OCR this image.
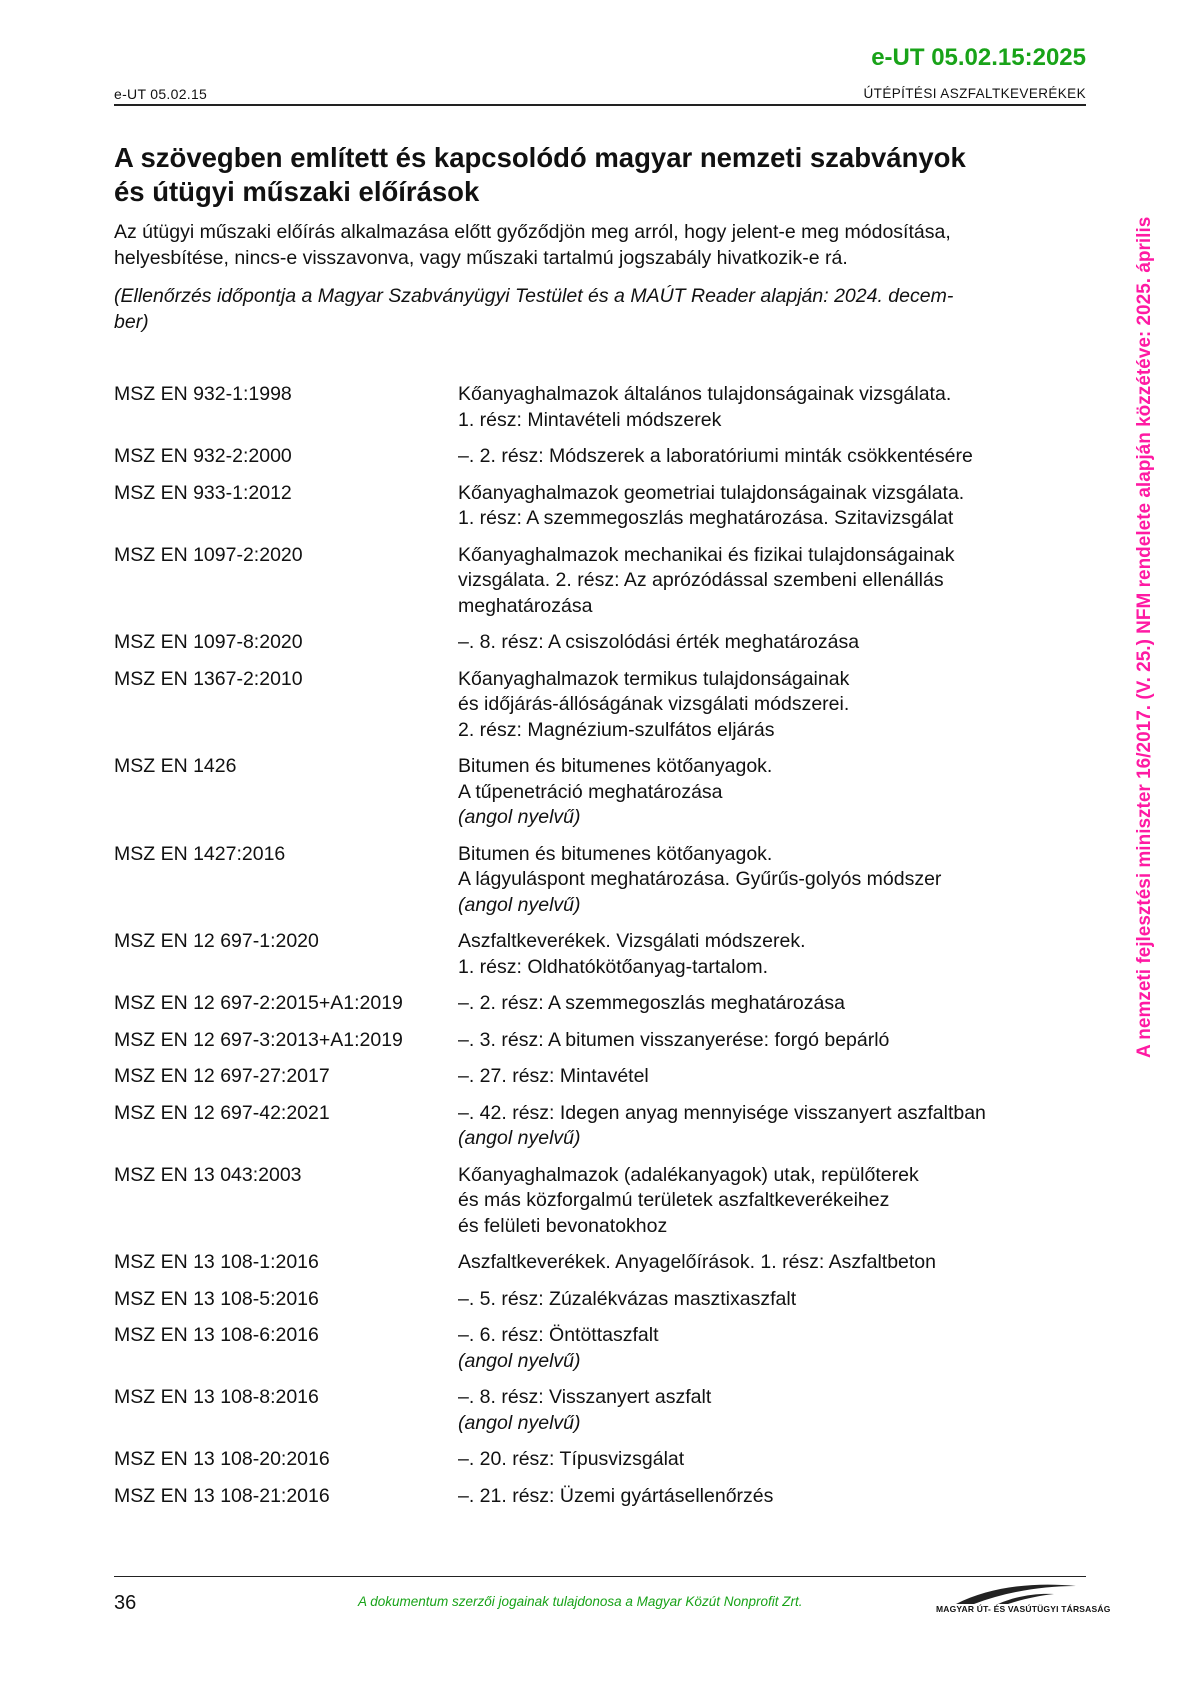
e-UT 05.02.15:2025
e-UT 05.02.15	ÚTÉPÍTÉSI ASZFALTKEVERÉKEK
A nemzeti fejlesztési miniszter 16/2017. (V. 25.) NFM rendelete alapján közzétéve: 2025. április
A szövegben említett és kapcsolódó magyar nemzeti szabványok
és útügyi műszaki előírások

Az útügyi műszaki előírás alkalmazása előtt győződjön meg arról, hogy jelent-e meg módosítása,
helyesbítése, nincs-e visszavonva, vagy műszaki tartalmú jogszabály hivatkozik-e rá.

(Ellenőrzés időpontja a Magyar Szabványügyi Testület és a MAÚT Reader alapján: 2024. decem-
ber)

MSZ EN 932-1:1998	Kőanyaghalmazok általános tulajdonságainak vizsgálata.
1. rész: Mintavételi módszerek
MSZ EN 932-2:2000	–. 2. rész: Módszerek a laboratóriumi minták csökkentésére
MSZ EN 933-1:2012	Kőanyaghalmazok geometriai tulajdonságainak vizsgálata.
1. rész: A szemmegoszlás meghatározása. Szitavizsgálat
MSZ EN 1097-2:2020	Kőanyaghalmazok mechanikai és fizikai tulajdonságainak
vizsgálata. 2. rész: Az aprózódással szembeni ellenállás
meghatározása
MSZ EN 1097-8:2020	–. 8. rész: A csiszolódási érték meghatározása
MSZ EN 1367-2:2010	Kőanyaghalmazok termikus tulajdonságainak
és időjárás-állóságának vizsgálati módszerei.
2. rész: Magnézium-szulfátos eljárás
MSZ EN 1426	Bitumen és bitumenes kötőanyagok.
A tűpenetráció meghatározása
(angol nyelvű)
MSZ EN 1427:2016	Bitumen és bitumenes kötőanyagok.
A lágyuláspont meghatározása. Gyűrűs-golyós módszer
(angol nyelvű)
MSZ EN 12 697-1:2020	Aszfaltkeverékek. Vizsgálati módszerek.
1. rész: Oldhatókötőanyag-tartalom.
MSZ EN 12 697-2:2015+A1:2019	–. 2. rész: A szemmegoszlás meghatározása
MSZ EN 12 697-3:2013+A1:2019	–. 3. rész: A bitumen visszanyerése: forgó bepárló
MSZ EN 12 697-27:2017	–. 27. rész: Mintavétel
MSZ EN 12 697-42:2021	–. 42. rész: Idegen anyag mennyisége visszanyert aszfaltban
(angol nyelvű)
MSZ EN 13 043:2003	Kőanyaghalmazok (adalékanyagok) utak, repülőterek
és más közforgalmú területek aszfaltkeverékeihez
és felületi bevonatokhoz
MSZ EN 13 108-1:2016	Aszfaltkeverékek. Anyagelőírások. 1. rész: Aszfaltbeton
MSZ EN 13 108-5:2016	–. 5. rész: Zúzalékvázas masztixaszfalt
MSZ EN 13 108-6:2016	–. 6. rész: Öntöttaszfalt
(angol nyelvű)
MSZ EN 13 108-8:2016	–. 8. rész: Visszanyert aszfalt
(angol nyelvű)
MSZ EN 13 108-20:2016	–. 20. rész: Típusvizsgálat
MSZ EN 13 108-21:2016	–. 21. rész: Üzemi gyártásellenőrzés
36	A dokumentum szerzői jogainak tulajdonosa a Magyar Közút Nonprofit Zrt.	MAGYAR ÚT- ÉS VASÚTÜGYI TÁRSASÁG
